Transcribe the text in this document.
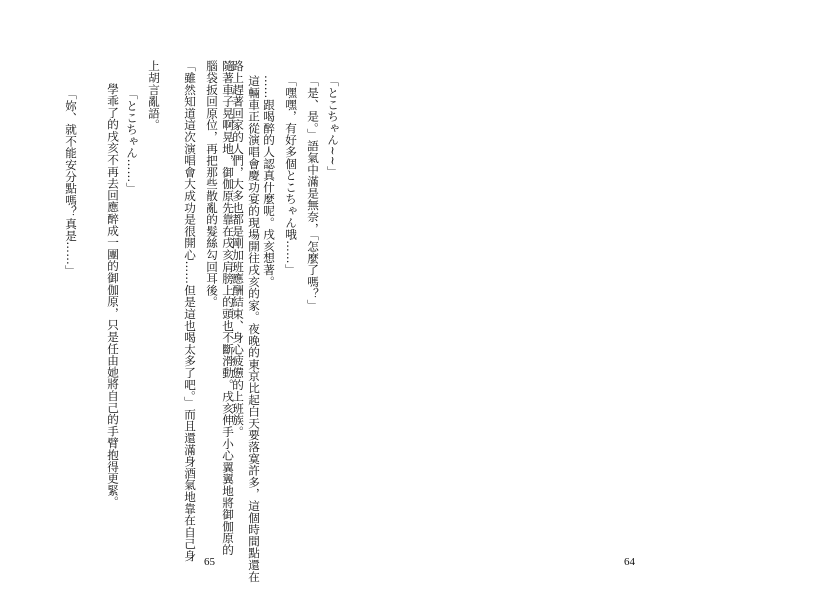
隨著車子晃啊晃地，御伽原先靠在戌亥肩膀上的頭也不斷滑動。戌亥伸手小心翼翼地將御伽原的
腦袋扳回原位，再把那些散亂的髮絲勾回耳後。
「雖然知道這次演唱會大成功是很開心……但是這也喝太多了吧。」而且還滿身酒氣地靠在自己身
上胡言亂語。
「とこちゃん……」
學乖了的戌亥不再去回應醉成一團的御伽原，只是任由她將自己的手臂抱得更緊。
「妳、就不能安分點嗎？真是……」
65
「とこちゃん∼∼」
「是、是。」語氣中滿是無奈，「怎麼了嗎？」
「嘿嘿，有好多個とこちゃん哦……」
……跟喝醉的人認真什麼呢。戌亥想著。
這輛車正從演唱會慶功宴的現場開往戌亥的家。夜晚的東京比起白天要落寞許多，這個時間點還在
路上趕著回家的人們，大多也都是剛加班應酬結束、身心疲憊的上班族。
64
